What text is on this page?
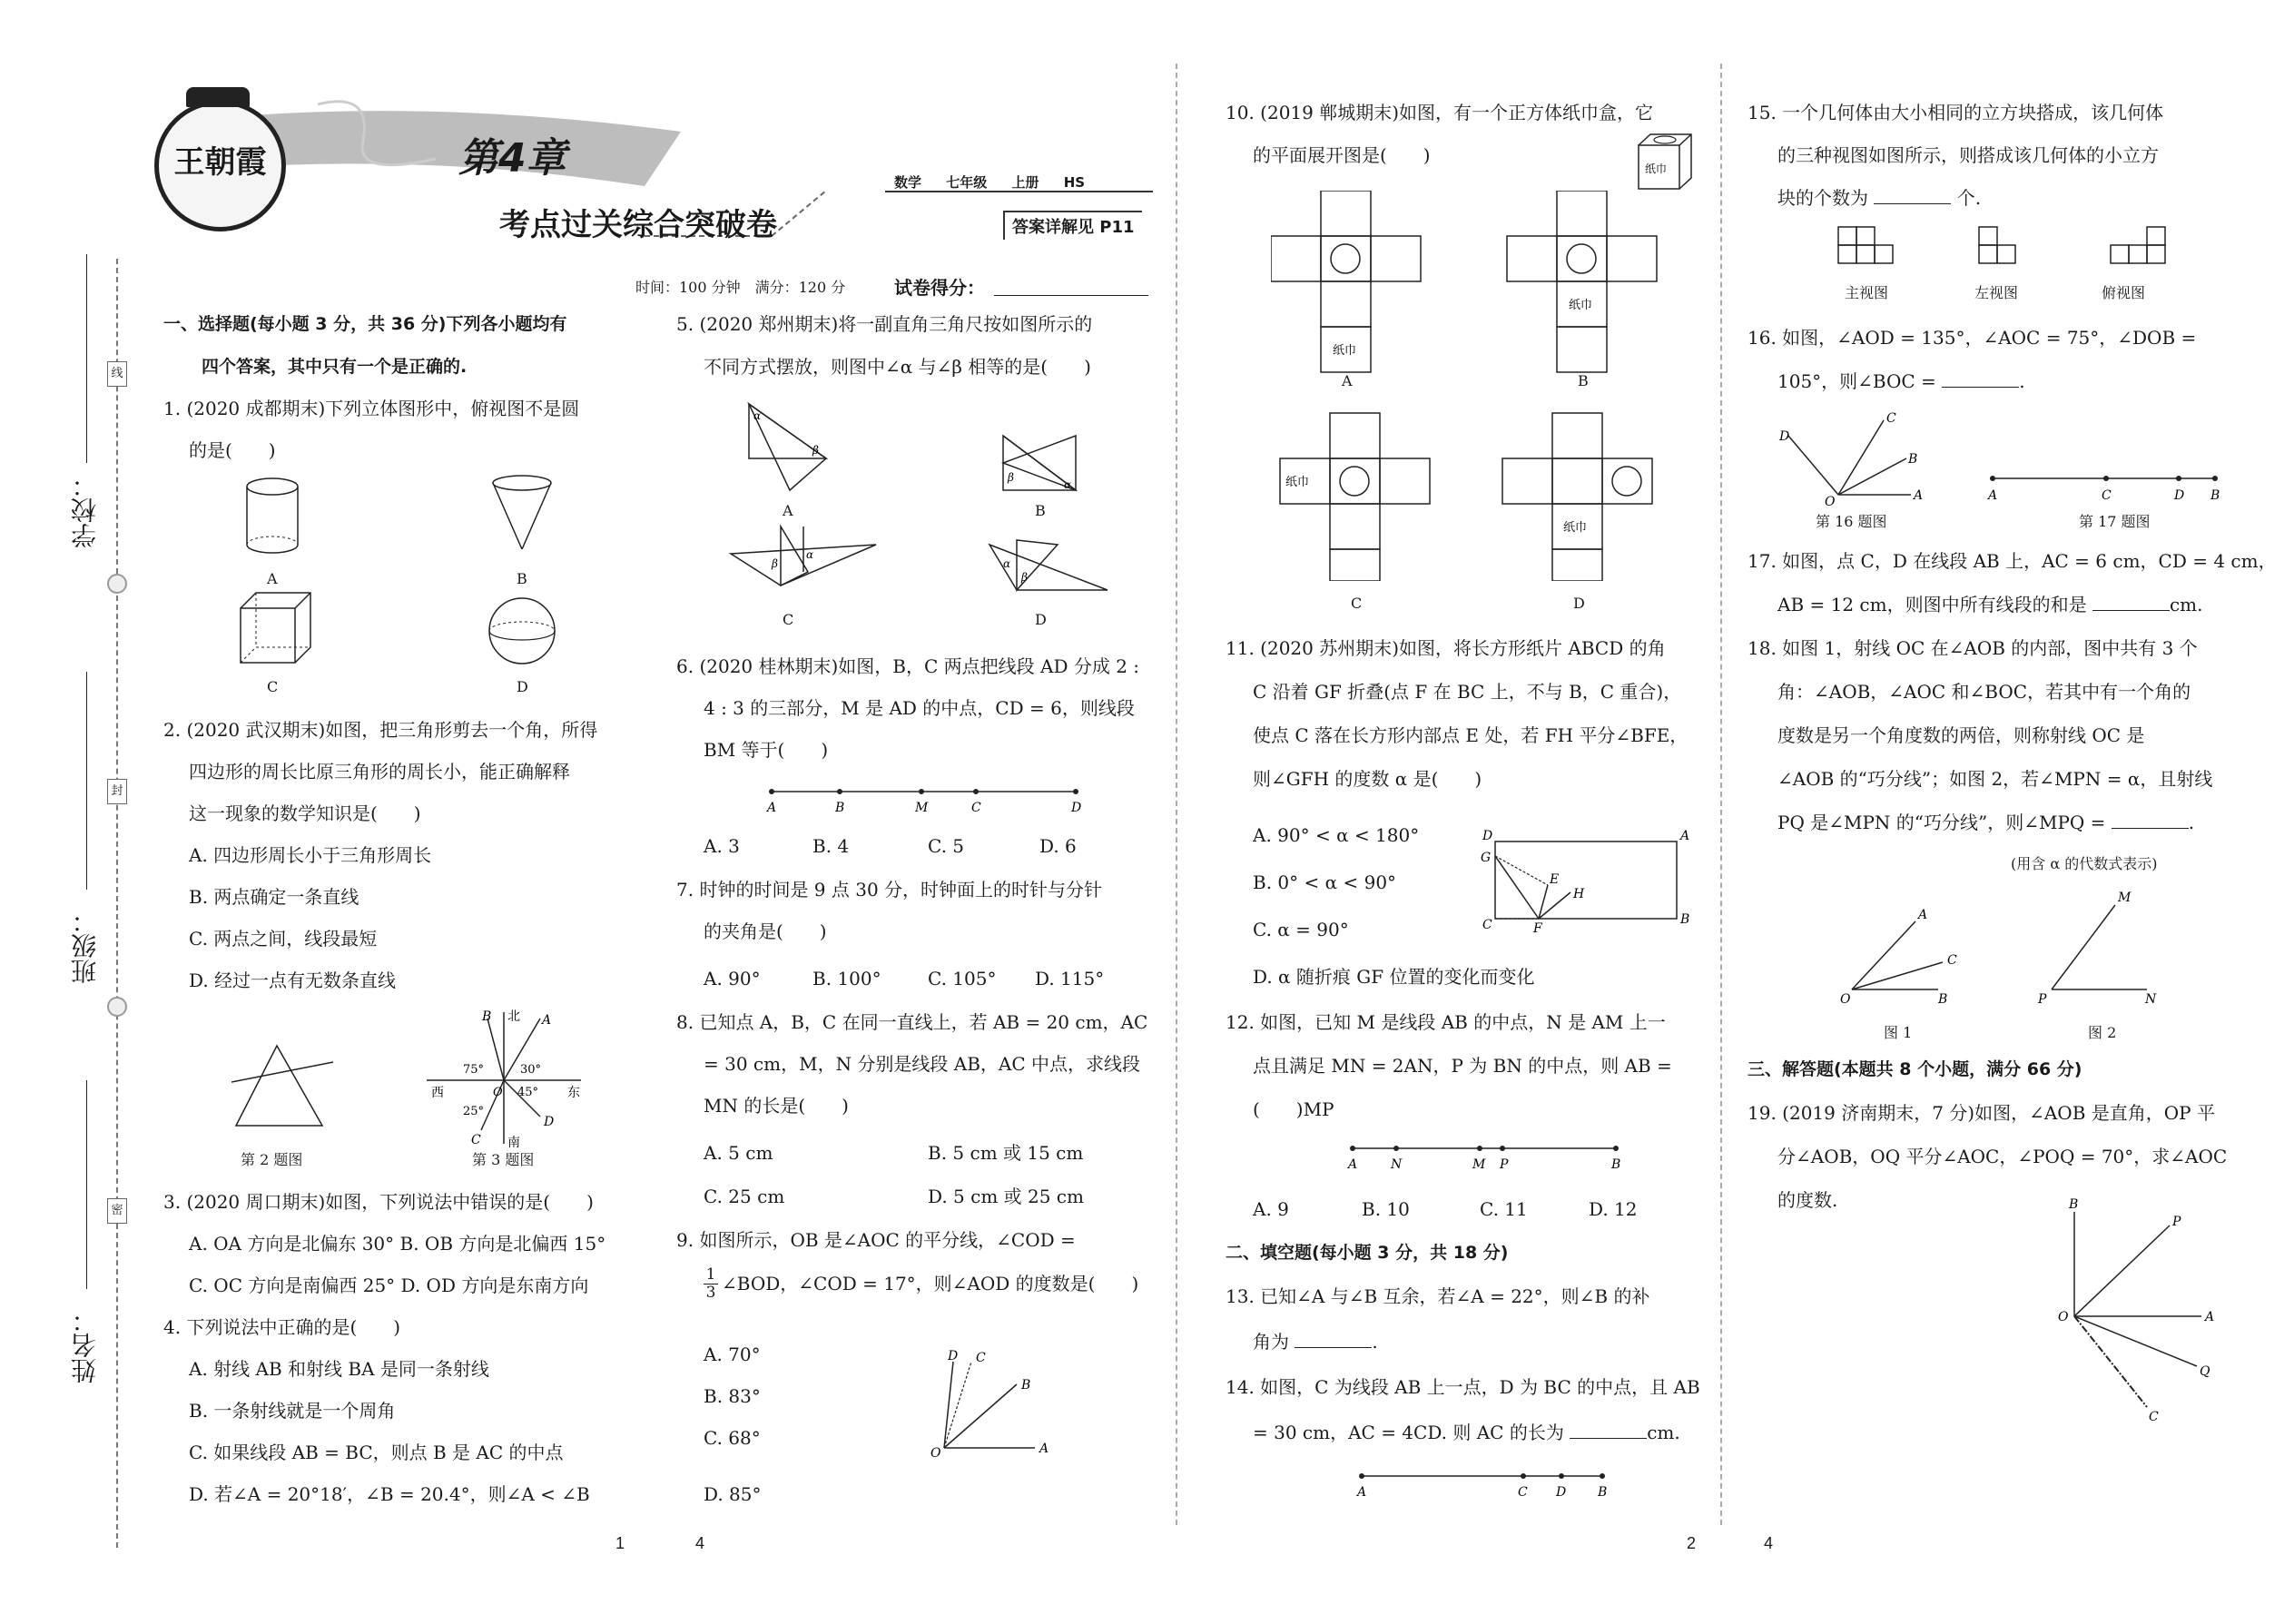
学校：
班级：
姓名：
线
封
密
王朝霞	第4章
考点过关综合突破卷
数学 七年级 上册 HS
答案详解见 P11
时间：100 分钟　满分：120 分	试卷得分：
一、选择题(每小题 3 分，共 36 分)下列各小题均有
四个答案，其中只有一个是正确的.
1. (2020 成都期末)下列立体图形中，俯视图不是圆
的是(　　)
A	B
C	D
2. (2020 武汉期末)如图，把三角形剪去一个角，所得
四边形的周长比原三角形的周长小，能正确解释
这一现象的数学知识是(　　)
A. 四边形周长小于三角形周长
B. 两点确定一条直线
C. 两点之间，线段最短
D. 经过一点有无数条直线
第 2 题图
B 北 A
75°	30°
西	O 45° 东
25°
C
D
南
第 3 题图
3. (2020 周口期末)如图，下列说法中错误的是(　　)
A. OA 方向是北偏东 30° B. OB 方向是北偏西 15°
C. OC 方向是南偏西 25° D. OD 方向是东南方向
4. 下列说法中正确的是(　　)
A. 射线 AB 和射线 BA 是同一条射线
B. 一条射线就是一个周角
C. 如果线段 AB = BC，则点 B 是 AC 的中点
D. 若∠A = 20°18′，∠B = 20.4°，则∠A < ∠B
5. (2020 郑州期末)将一副直角三角尺按如图所示的
不同方式摆放，则图中∠α 与∠β 相等的是(　　)
α
β
β
α
β
α
α
β
A	B
C	D
6. (2020 桂林期末)如图，B，C 两点把线段 AD 分成 2 :
4 : 3 的三部分，M 是 AD 的中点，CD = 6，则线段
BM 等于(　　)
A	B	M	C	D
A. 3	B. 4	C. 5	D. 6
7. 时钟的时间是 9 点 30 分，时钟面上的时针与分针
的夹角是(　　)
A. 90°	B. 100°	C. 105° D. 115°
8. 已知点 A，B，C 在同一直线上，若 AB = 20 cm，AC
= 30 cm，M，N 分别是线段 AB，AC 中点，求线段
MN 的长是(　　)
A. 5 cm	B. 5 cm 或 15 cm
C. 25 cm	D. 5 cm 或 25 cm
9. 如图所示，OB 是∠AOC 的平分线，∠COD =
1
3 ∠BOD，∠COD = 17°，则∠AOD 的度数是(　　)
A. 70°
B. 83°
C. 68°
D. 85°
D C
B
O	A
10. (2019 郸城期末)如图，有一个正方体纸巾盒，它
的平面展开图是(　　)
纸巾
纸巾
纸巾
纸巾
纸巾
A	B
C	D
11. (2020 苏州期末)如图，将长方形纸片 ABCD 的角
C 沿着 GF 折叠(点 F 在 BC 上，不与 B，C 重合)，
使点 C 落在长方形内部点 E 处，若 FH 平分∠BFE，
则∠GFH 的度数 α 是(　　)
A. 90° < α < 180°
B. 0° < α < 90°
C. α = 90°
D. α 随折痕 GF 位置的变化而变化
D	A
G
E
H
C	F
B
12. 如图，已知 M 是线段 AB 的中点，N 是 AM 上一
点且满足 MN = 2AN，P 为 BN 的中点，则 AB =
(　　)MP
A	N	M P	B
A. 9	B. 10	C. 11	D. 12
二、填空题(每小题 3 分，共 18 分)
13. 已知∠A 与∠B 互余，若∠A = 22°，则∠B 的补
角为	.
14. 如图，C 为线段 AB 上一点，D 为 BC 的中点，且 AB
= 30 cm，AC = 4CD. 则 AC 的长为	cm.
A	C D B
15. 一个几何体由大小相同的立方块搭成，该几何体
的三种视图如图所示，则搭成该几何体的小立方
块的个数为	个.
主视图	左视图	俯视图
16. 如图，∠AOD = 135°，∠AOC = 75°，∠DOB =
105°，则∠BOC =	.
D
C
B
O	A
第 16 题图
A	C	D B
第 17 题图
17. 如图，点 C，D 在线段 AB 上，AC = 6 cm，CD = 4 cm，
AB = 12 cm，则图中所有线段的和是	cm.
18. 如图 1，射线 OC 在∠AOB 的内部，图中共有 3 个
角：∠AOB，∠AOC 和∠BOC，若其中有一个角的
度数是另一个角度数的两倍，则称射线 OC 是
∠AOB 的“巧分线”；如图 2，若∠MPN = α，且射线
PQ 是∠MPN 的“巧分线”，则∠MPQ =	.
(用含 α 的代数式表示)
A
C
O	B
M
P	N
图 1	图 2
三、解答题(本题共 8 个小题，满分 66 分)
19. (2019 济南期末，7 分)如图，∠AOB 是直角，OP 平
分∠AOB，OQ 平分∠AOC，∠POQ = 70°，求∠AOC
的度数.	B
P
O	A
Q
C
1	4	2	4
